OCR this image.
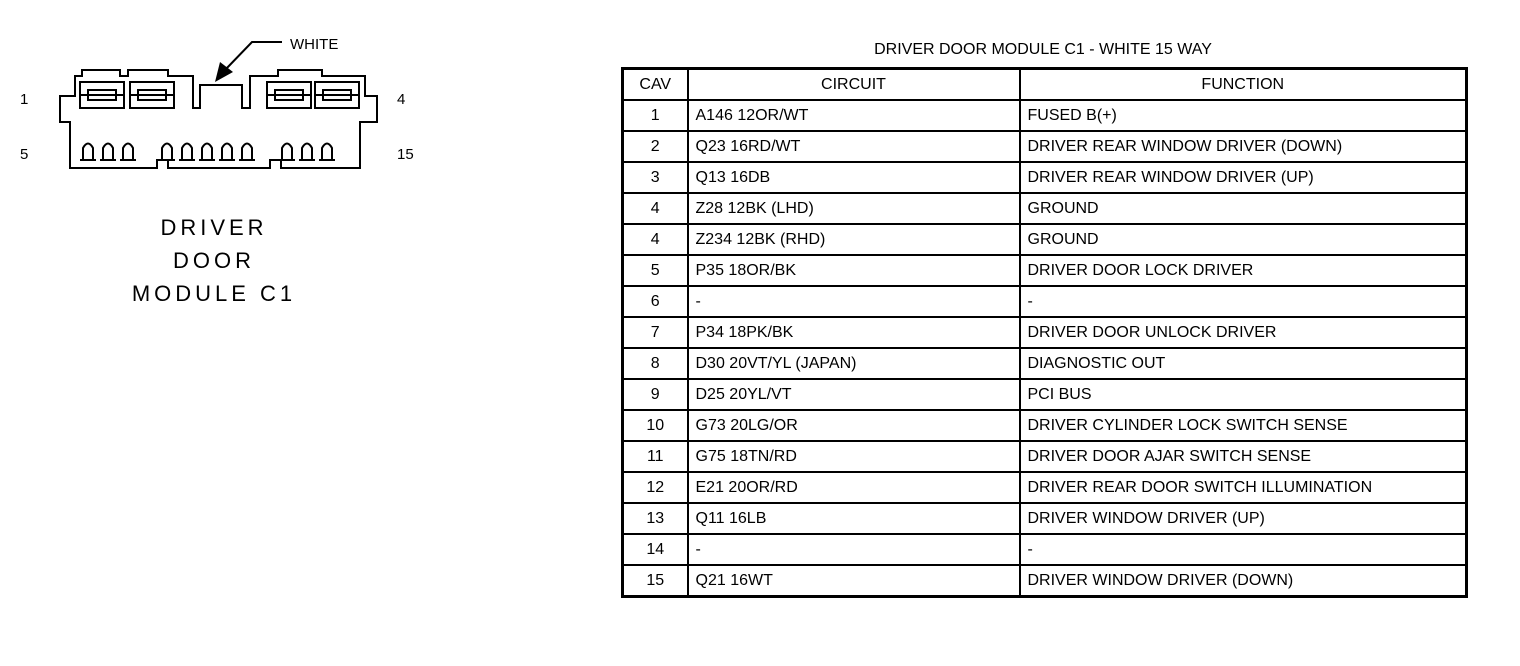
WHITE
1	4
5	15
DRIVER
DOOR
MODULE C1
DRIVER DOOR MODULE C1 - WHITE 15 WAY
CAV	CIRCUIT	FUNCTION
1	A146 12OR/WT	FUSED B(+)
2	Q23 16RD/WT	DRIVER REAR WINDOW DRIVER (DOWN)
3	Q13 16DB	DRIVER REAR WINDOW DRIVER (UP)
4	Z28 12BK (LHD)	GROUND
4	Z234 12BK (RHD)	GROUND
5	P35 18OR/BK	DRIVER DOOR LOCK DRIVER
6	-	-
7	P34 18PK/BK	DRIVER DOOR UNLOCK DRIVER
8	D30 20VT/YL (JAPAN)	DIAGNOSTIC OUT
9	D25 20YL/VT	PCI BUS
10	G73 20LG/OR	DRIVER CYLINDER LOCK SWITCH SENSE
11	G75 18TN/RD	DRIVER DOOR AJAR SWITCH SENSE
12	E21 20OR/RD	DRIVER REAR DOOR SWITCH ILLUMINATION
13	Q11 16LB	DRIVER WINDOW DRIVER (UP)
14	-	-
15	Q21 16WT	DRIVER WINDOW DRIVER (DOWN)
